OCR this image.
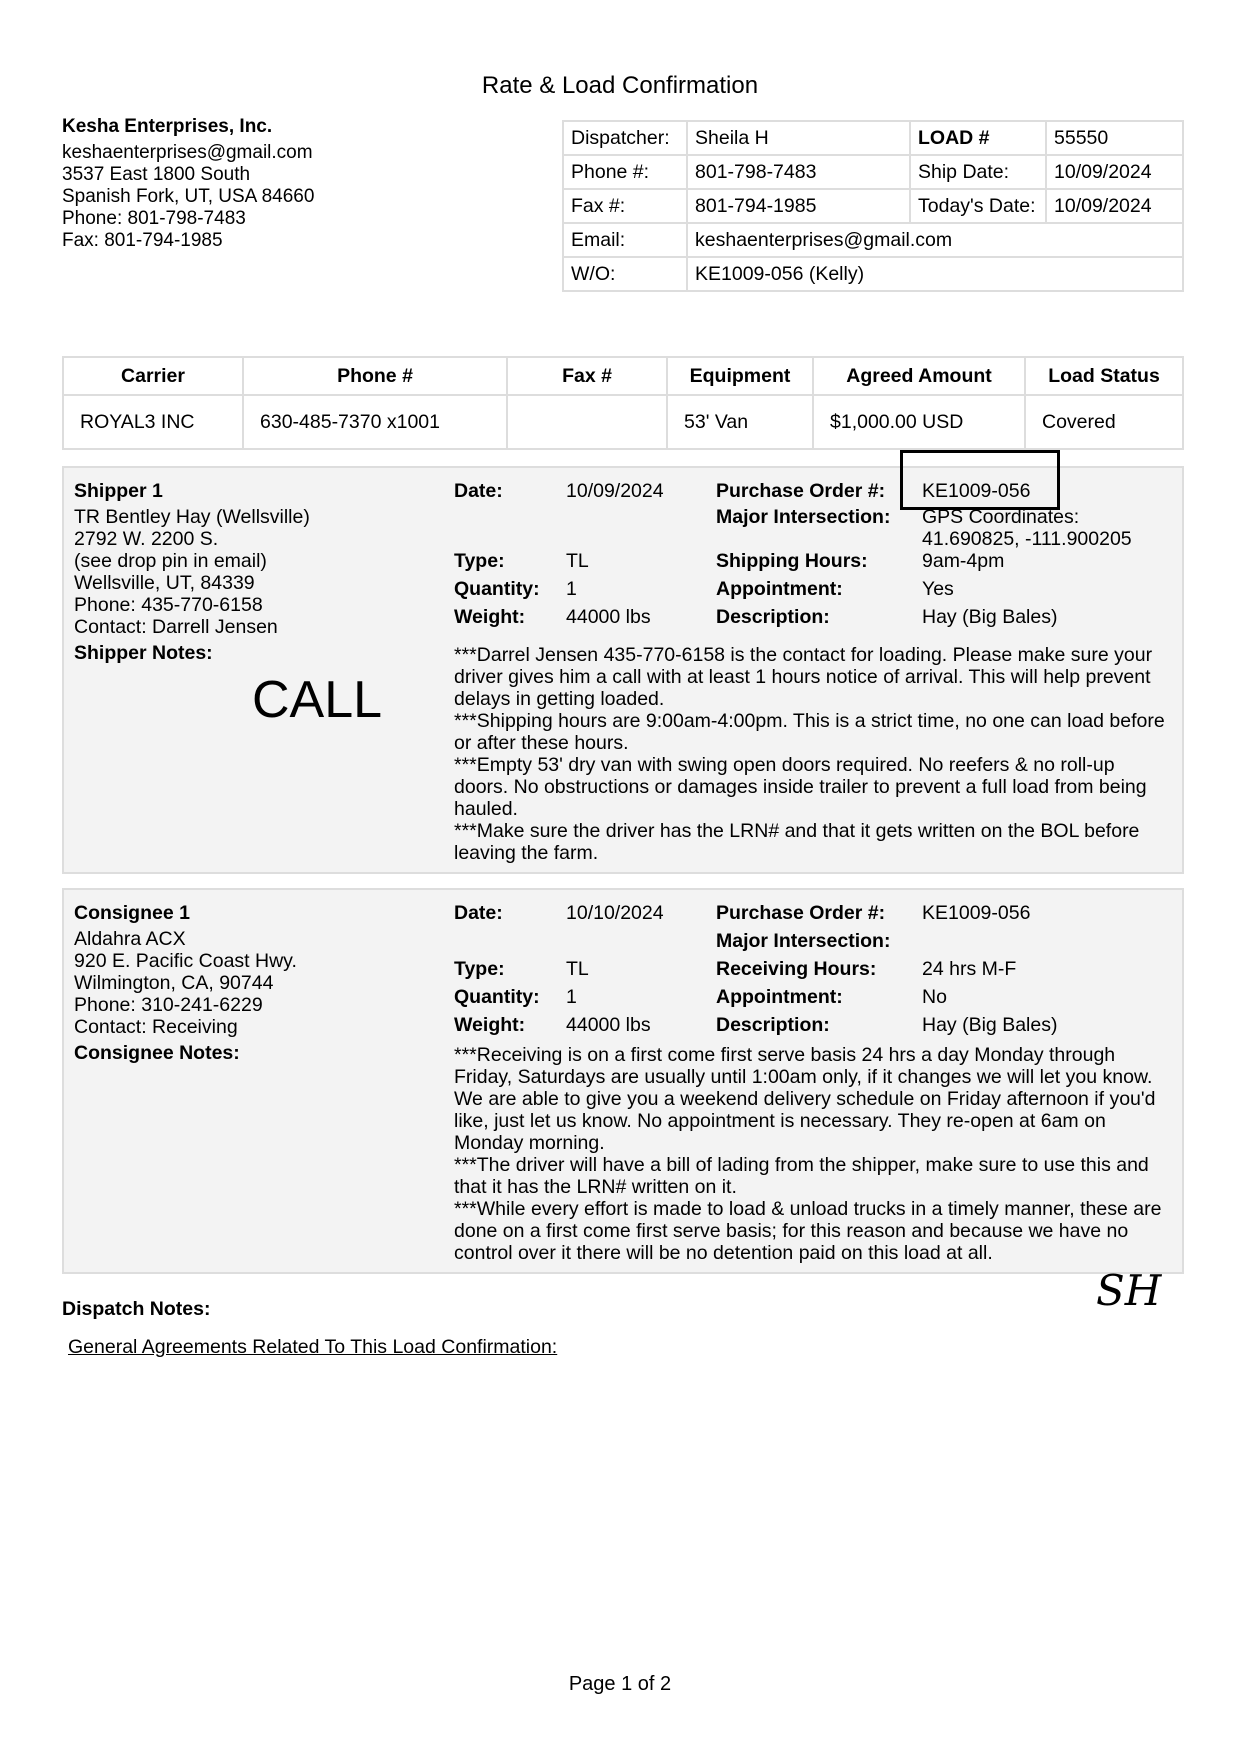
Rate & Load Confirmation
Kesha Enterprises, Inc.
keshaenterprises@gmail.com
3537 East 1800 South
Spanish Fork, UT, USA 84660
Phone: 801-798-7483
Fax: 801-794-1985
Dispatcher:	Sheila H	LOAD #	55550
Phone #:	801-798-7483	Ship Date:	10/09/2024
Fax #:	801-794-1985	Today's Date:	10/09/2024
Email:	keshaenterprises@gmail.com		
W/O:	KE1009-056 (Kelly)		
Carrier	Phone #	Fax #	Equipment	Agreed Amount	Load Status
ROYAL3 INC	630-485-7370 x1001		53' Van	$1,000.00 USD	Covered
Shipper 1
TR Bentley Hay (Wellsville)
2792 W. 2200 S.
(see drop pin in email)
Wellsville, UT, 84339
Phone: 435-770-6158
Contact: Darrell Jensen
Shipper Notes:
CALL
Date:	10/09/2024
Type:	TL
Quantity: 1
Weight: 44000 lbs
Purchase Order #: KE1009-056
Major Intersection: GPS Coordinates:
41.690825, -111.900205
Shipping Hours:	9am-4pm
Appointment:	Yes
Description:	Hay (Big Bales)

***Darrel Jensen 435-770-6158 is the contact for loading. Please make sure your driver gives him a call with at least 1 hours notice of arrival. This will help prevent delays in getting loaded.

***Shipping hours are 9:00am-4:00pm. This is a strict time, no one can load before or after these hours.

***Empty 53' dry van with swing open doors required. No reefers & no roll-up doors. No obstructions or damages inside trailer to prevent a full load from being hauled.

***Make sure the driver has the LRN# and that it gets written on the BOL before leaving the farm.

Consignee 1
Aldahra ACX
920 E. Pacific Coast Hwy.
Wilmington, CA, 90744
Phone: 310-241-6229
Contact: Receiving
Consignee Notes:
Date:	10/10/2024
Type:	TL
Quantity: 1
Weight: 44000 lbs
Purchase Order #: KE1009-056
Major Intersection:
Receiving Hours: 24 hrs M-F
Appointment:	No
Description:	Hay (Big Bales)

***Receiving is on a first come first serve basis 24 hrs a day Monday through Friday, Saturdays are usually until 1:00am only, if it changes we will let you know. We are able to give you a weekend delivery schedule on Friday afternoon if you'd like, just let us know. No appointment is necessary. They re-open at 6am on Monday morning.

***The driver will have a bill of lading from the shipper, make sure to use this and that it has the LRN# written on it.

***While every effort is made to load & unload trucks in a timely manner, these are done on a first come first serve basis; for this reason and because we have no control over it there will be no detention paid on this load at all.

SH
Dispatch Notes:
General Agreements Related To This Load Confirmation:
Page 1 of 2
